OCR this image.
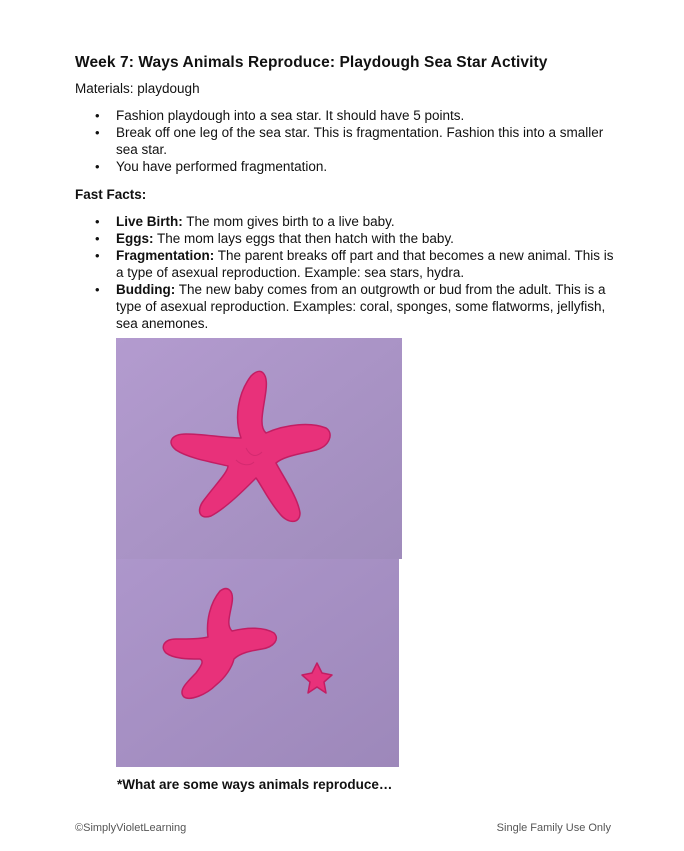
Week 7: Ways Animals Reproduce: Playdough Sea Star Activity
Materials: playdough
• Fashion playdough into a sea star. It should have 5 points.
• Break off one leg of the sea star. This is fragmentation. Fashion this into a smaller sea star.
• You have performed fragmentation.
Fast Facts:
• Live Birth: The mom gives birth to a live baby.
• Eggs: The mom lays eggs that then hatch with the baby.
• Fragmentation: The parent breaks off part and that becomes a new animal. This is a type of asexual reproduction. Example: sea stars, hydra.
• Budding: The new baby comes from an outgrowth or bud from the adult. This is a type of asexual reproduction. Examples: coral, sponges, some flatworms, jellyfish, sea anemones.
*What are some ways animals reproduce…
©SimplyVioletLearning	Single Family Use Only
